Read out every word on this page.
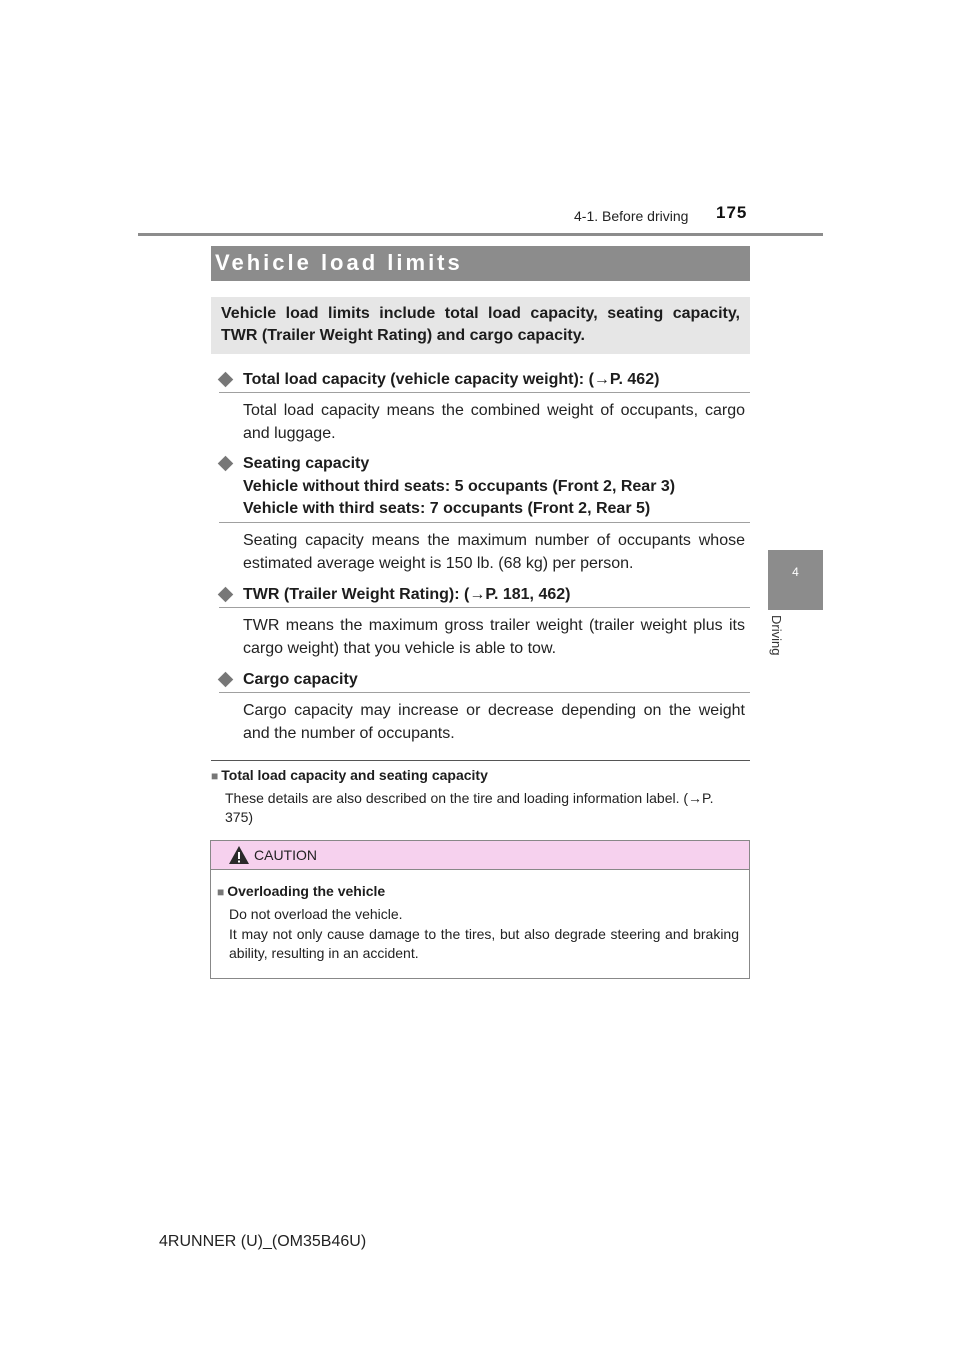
4-1. Before driving 175
4
Driving
Vehicle load limits

Vehicle load limits include total load capacity, seating capacity, TWR (Trailer Weight Rating) and cargo capacity.

Total load capacity (vehicle capacity weight): (→P. 462)

Total load capacity means the combined weight of occupants, cargo and luggage.

Seating capacity
Vehicle without third seats: 5 occupants (Front 2, Rear 3)
Vehicle with third seats: 7 occupants (Front 2, Rear 5)

Seating capacity means the maximum number of occupants whose estimated average weight is 150 lb. (68 kg) per person.

TWR (Trailer Weight Rating): (→P. 181, 462)

TWR means the maximum gross trailer weight (trailer weight plus its cargo weight) that you vehicle is able to tow.

Cargo capacity

Cargo capacity may increase or decrease depending on the weight and the number of occupants.

■ Total load capacity and seating capacity

These details are also described on the tire and loading information label. (→P. 375)

CAUTION
■ Overloading the vehicle

Do not overload the vehicle.

It may not only cause damage to the tires, but also degrade steering and braking ability, resulting in an accident.

4RUNNER (U)_(OM35B46U)
